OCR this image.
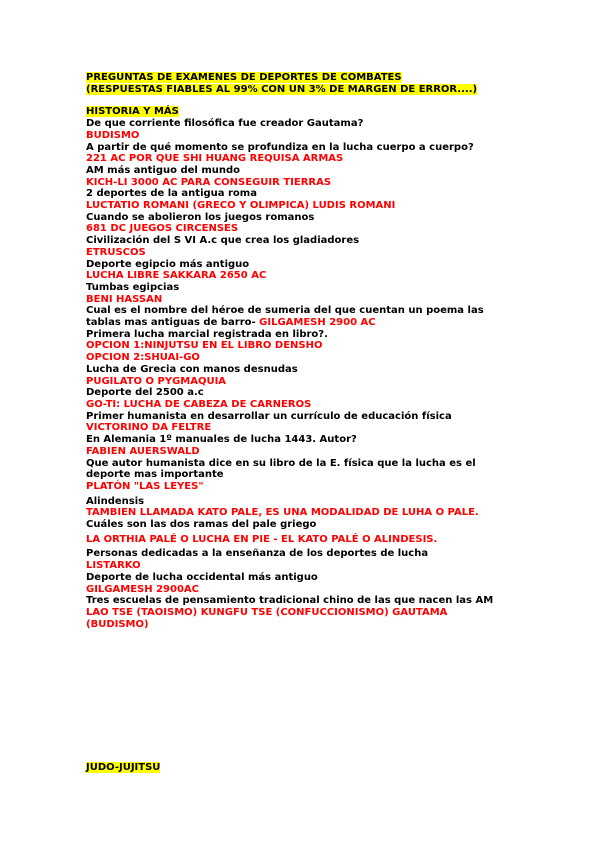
PREGUNTAS DE EXAMENES DE DEPORTES DE COMBATES
(RESPUESTAS FIABLES AL 99% CON UN 3% DE MARGEN DE ERROR....)
HISTORIA Y MÁS
De que corriente filosófica fue creador Gautama?
BUDISMO
A partir de qué momento se profundiza en la lucha cuerpo a cuerpo?
221 AC POR QUE SHI HUANG REQUISA ARMAS
AM más antiguo del mundo
KICH-LI 3000 AC PARA CONSEGUIR TIERRAS
2 deportes de la antigua roma
LUCTATIO ROMANI (GRECO Y OLIMPICA) LUDIS ROMANI
Cuando se abolieron los juegos romanos
681 DC JUEGOS CIRCENSES
Civilización del S VI A.c que crea los gladiadores
ETRUSCOS
Deporte egipcio más antiguo
LUCHA LIBRE SAKKARA 2650 AC
Tumbas egipcias
BENI HASSAN
Cual es el nombre del héroe de sumeria del que cuentan un poema las
tablas mas antiguas de barro- GILGAMESH 2900 AC
Primera lucha marcial registrada en libro?.
OPCION 1:NINJUTSU EN EL LIBRO DENSHO
OPCION 2:SHUAI-GO
Lucha de Grecia con manos desnudas
PUGILATO O PYGMAQUIA
Deporte del 2500 a.c
GO-TI: LUCHA DE CABEZA DE CARNEROS
Primer humanista en desarrollar un currículo de educación física
VICTORINO DA FELTRE
En Alemania 1º manuales de lucha 1443. Autor?
FABIEN AUERSWALD
Que autor humanista dice en su libro de la E. física que la lucha es el
deporte mas importante
PLATÓN "LAS LEYES"
Alindensis
TAMBIEN LLAMADA KATO PALE, ES UNA MODALIDAD DE LUHA O PALE.
Cuáles son las dos ramas del pale griego
LA ORTHIA PALÉ O LUCHA EN PIE - EL KATO PALÉ O ALINDESIS.
Personas dedicadas a la enseñanza de los deportes de lucha
LISTARKO
Deporte de lucha occidental más antiguo
GILGAMESH 2900AC
Tres escuelas de pensamiento tradicional chino de las que nacen las AM
LAO TSE (TAOISMO) KUNGFU TSE (CONFUCCIONISMO) GAUTAMA
(BUDISMO)
JUDO-JUJITSU
